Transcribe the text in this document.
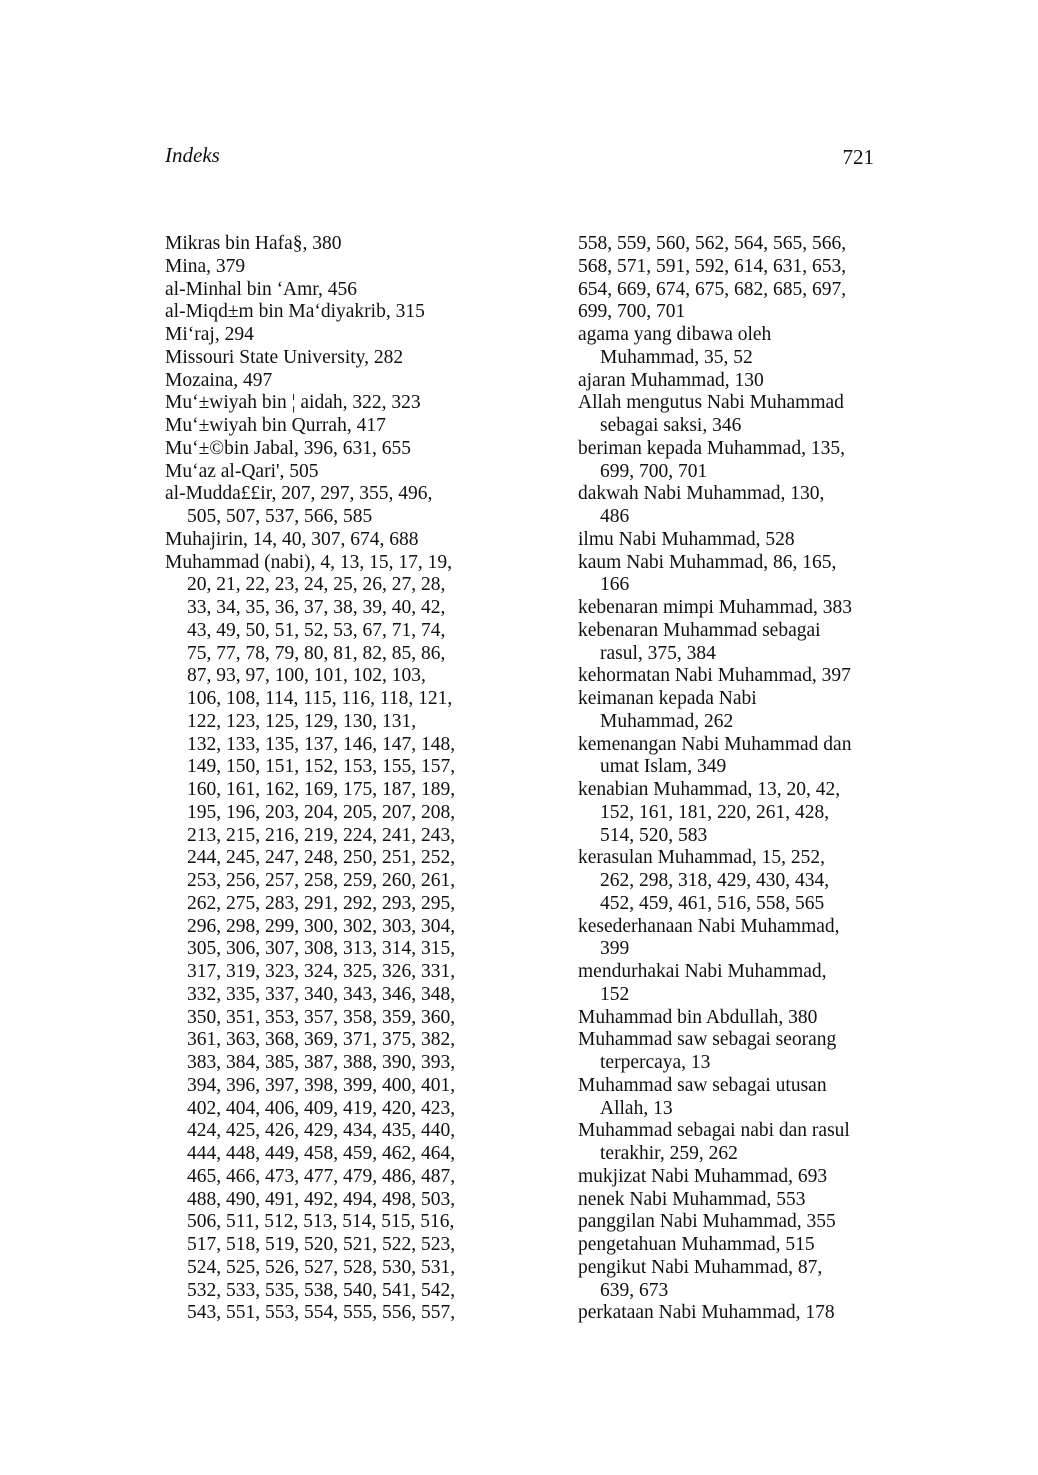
Indeks	721
Mikras bin Hafa§, 380
Mina, 379
al-Minhal bin ‘Amr, 456
al-Miqd±m bin Ma‘diyakrib, 315
Mi‘raj, 294
Missouri State University, 282
Mozaina, 497
Mu‘±wiyah bin ¦ aidah, 322, 323
Mu‘±wiyah bin Qurrah, 417
Mu‘±©bin Jabal, 396, 631, 655
Mu‘az al-Qari', 505
al-Mudda££ir, 207, 297, 355, 496,
505, 507, 537, 566, 585
Muhajirin, 14, 40, 307, 674, 688
Muhammad (nabi), 4, 13, 15, 17, 19,
20, 21, 22, 23, 24, 25, 26, 27, 28,
33, 34, 35, 36, 37, 38, 39, 40, 42,
43, 49, 50, 51, 52, 53, 67, 71, 74,
75, 77, 78, 79, 80, 81, 82, 85, 86,
87, 93, 97, 100, 101, 102, 103,
106, 108, 114, 115, 116, 118, 121,
122, 123, 125, 129, 130, 131,
132, 133, 135, 137, 146, 147, 148,
149, 150, 151, 152, 153, 155, 157,
160, 161, 162, 169, 175, 187, 189,
195, 196, 203, 204, 205, 207, 208,
213, 215, 216, 219, 224, 241, 243,
244, 245, 247, 248, 250, 251, 252,
253, 256, 257, 258, 259, 260, 261,
262, 275, 283, 291, 292, 293, 295,
296, 298, 299, 300, 302, 303, 304,
305, 306, 307, 308, 313, 314, 315,
317, 319, 323, 324, 325, 326, 331,
332, 335, 337, 340, 343, 346, 348,
350, 351, 353, 357, 358, 359, 360,
361, 363, 368, 369, 371, 375, 382,
383, 384, 385, 387, 388, 390, 393,
394, 396, 397, 398, 399, 400, 401,
402, 404, 406, 409, 419, 420, 423,
424, 425, 426, 429, 434, 435, 440,
444, 448, 449, 458, 459, 462, 464,
465, 466, 473, 477, 479, 486, 487,
488, 490, 491, 492, 494, 498, 503,
506, 511, 512, 513, 514, 515, 516,
517, 518, 519, 520, 521, 522, 523,
524, 525, 526, 527, 528, 530, 531,
532, 533, 535, 538, 540, 541, 542,
543, 551, 553, 554, 555, 556, 557,
558, 559, 560, 562, 564, 565, 566,
568, 571, 591, 592, 614, 631, 653,
654, 669, 674, 675, 682, 685, 697,
699, 700, 701
agama yang dibawa oleh
Muhammad, 35, 52
ajaran Muhammad, 130
Allah mengutus Nabi Muhammad
sebagai saksi, 346
beriman kepada Muhammad, 135,
699, 700, 701
dakwah Nabi Muhammad, 130,
486
ilmu Nabi Muhammad, 528
kaum Nabi Muhammad, 86, 165,
166
kebenaran mimpi Muhammad, 383
kebenaran Muhammad sebagai
rasul, 375, 384
kehormatan Nabi Muhammad, 397
keimanan kepada Nabi
Muhammad, 262
kemenangan Nabi Muhammad dan
umat Islam, 349
kenabian Muhammad, 13, 20, 42,
152, 161, 181, 220, 261, 428,
514, 520, 583
kerasulan Muhammad, 15, 252,
262, 298, 318, 429, 430, 434,
452, 459, 461, 516, 558, 565
kesederhanaan Nabi Muhammad,
399
mendurhakai Nabi Muhammad,
152
Muhammad bin Abdullah, 380
Muhammad saw sebagai seorang
terpercaya, 13
Muhammad saw sebagai utusan
Allah, 13
Muhammad sebagai nabi dan rasul
terakhir, 259, 262
mukjizat Nabi Muhammad, 693
nenek Nabi Muhammad, 553
panggilan Nabi Muhammad, 355
pengetahuan Muhammad, 515
pengikut Nabi Muhammad, 87,
639, 673
perkataan Nabi Muhammad, 178
